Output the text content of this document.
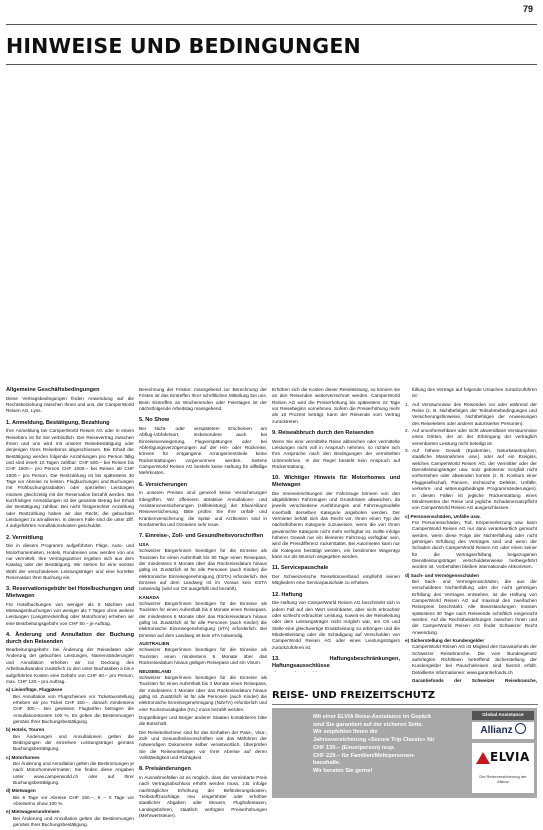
79
HINWEISE UND BEDINGUNGEN
Allgemeine Geschäftsbedingungen

Diese Vertragsbedingungen finden Anwendung auf die Rechtsbeziehung zwischen Ihnen und uns, der CamperWorld Reisen AG, Lyss.

1. Anmeldung, Bestätigung, Bezahlung

Ihre Anmeldung bei CamperWorld Reisen AG oder in einem Reisebüro ist für Sie verbindlich. Der Reisevertrag zwischen Ihnen und uns wird mit unserer Reisebestätigung oder derjenigen Ihres Reisebüros abgeschlossen. Bei Erhalt der Bestätigung werden folgende Anzahlungen pro Person fällig und sind innert 10 Tagen zahlbar: CHF 500.– bei Reisen bis CHF 1500.– pro Person CHF 1000.– bei Reisen ab CHF 1500.– pro Person. Die Restzahlung ist bis spätestens 30 Tage vor Abreise zu leisten. Flugbuchungen und Buchungen mit Frühbuchungsrabatten oder speziellen Leistungen müssen gleichzeitig mit der Reservation bezahlt werden. Bei kurzfristigen Anmeldungen ist der gesamte Betrag bei Erhalt der Bestätigung zahlbar. Bei nicht fristgerechter Anzahlung oder Restzahlung haben wir das Recht, die gebuchten Leistungen zu annullieren. In diesem Falle sind die unter Ziff. 4 aufgeführten Annullationskosten geschuldet.

2. Vermittlung

Die in diesem Programm aufgeführten Flüge, Auto- und Motorhomemieten, Hotels, Rundreisen usw. werden von uns nur vermittelt. Ihre Vertragspartner ergeben sich aus dem Katalog oder der Bestätigung. Wir stehen für eine seriöse Wahl der verschiedenen Leistungsträger und eine korrekte Reservation Ihrer Buchung ein.

3. Reservationsgebühr bei Hotelbuchungen und Mietwagen

Für Hotelbuchungen von weniger als 5 Nächten und Mietwagenbuchungen von weniger als 7 Tagen ohne weitere Leistungen (Langstreckenflug oder Motorhome) erheben wir eine Bearbeitungsgebühr von CHF 50.– je Auftrag.

4. Änderung und Annullation der Buchung durch den Reisenden

Bearbeitungsgebühr: bei Änderung der Reisedaten oder Änderung der gebuchten Leistungen, Namensänderungen und Annullation erheben wir zur Deckung des Arbeitsaufwandes zusätzlich zu den unter Buchstaben a bis e aufgeführten Kosten eine Gebühr von CHF 60.– pro Person, max. CHF 120.– pro Auftrag.

a) Linienflüge, Flugpässe

Bei Annullation von Flugscheinen vor Ticketausstellung erheben wir pro Ticket CHF 150.–, danach mindestens CHF 300.–. Bei gewissen Flugtarifen betragen die Annullationskosten 100 %. Es gelten die Bestimmungen gemäss Ihrer Buchungsbestätigung.

b) Hotels, Touren

Bei Änderungen und Annullationen gelten die Bedingungen der einzelnen Leistungsträger gemäss Buchungsbestätigung.

c) Motorhomes

Bei Änderung und Annullation gelten die Bestimmungen je nach Motorhomevermieter; Sie finden diese Angaben unter www.camperworld.ch oder auf Ihrer Buchungsbestätigung.

d) Mietwagen

Bis 6 Tage vor Abreise CHF 150.–, 5 – 0 Tage vor Abreise/no show 100 %.

e) Mietwagenrundreisen

Bei Änderung und Annullation gelten die Bestimmungen gemäss Ihrer Buchungsbestätigung.

Berechnung der Fristen: massgebend zur Berechnung der Fristen ist das Eintreffen Ihrer schriftlichen Mitteilung bei uns. Beim Eintreffen an Wochenenden oder Feiertagen ist der nächstfolgende Arbeitstag massgebend.

5. No Show

Bei Nicht- oder verspätetem Erscheinen am Abflug-/Abfahrtsort, insbesondere auch bei Einreiseverweigerung, Flugverspätungen oder bei Abfertigungsverzögerungen auf der Hin- oder Rückreise, können für entgangene Arrangementsteile keine Rückerstattungen vorgenommen werden. Seitens CamperWorld Reisen AG besteht keine Haftung für allfällige Mehrkosten.

6. Versicherungen

In unseren Preisen sind generell keine Versicherungen inbegriffen. Wir offerieren attraktive Annullations- und Assistanceversicherungen (Hilfeleistung) der Elvia/Allianz Reiseversicherung. Bitte prüfen Sie Ihre Unfall- und Krankenversicherung; die Spital- und Arztkosten sind in Nordamerika und Ozeanien sehr teuer.

7. Einreise-, Zoll- und Gesundheitsvorschriften
USA

Schweizer Bürger/innen benötigen für die Einreise als Touristen für einen Aufenthalt bis 90 Tage einen Reisepass, der mindestens 6 Monate über das Rückreisedatum hinaus gültig ist. Zusätzlich ist für alle Personen (auch Kinder) die elektronische Einreisegenehmigung (ESTA) erforderlich. Bei Einreise auf dem Landweg ist im Voraus kein ESTA notwendig (wird vor Ort ausgefüllt und bezahlt).

KANADA

Schweizer Bürger/innen benötigen für die Einreise als Touristen für einen Aufenthalt bis 6 Monate einen Reisepass, der mindestens 6 Monate über das Rückreisedatum hinaus gültig ist. Zusätzlich ist für alle Personen (auch Kinder) die elektronische Einreisegenehmigung (eTA) erforderlich. Bei Einreise auf dem Landweg ist kein eTA notwendig.

AUSTRALIEN

Schweizer Bürger/innen benötigen für die Einreise als Touristen einen mindestens 6 Monate über das Rückreisedatum hinaus gültigen Reisepass und ein Visum.

NEUSEELAND

Schweizer Bürger/innen benötigen für die Einreise als Touristen für einen Aufenthalt bis 3 Monate einen Reisepass, der mindestens 3 Monate über das Rückreisedatum hinaus gültig ist. Zusätzlich ist für alle Personen (auch Kinder) die elektronische Einreisegenehmigung (NZeTA) erforderlich und eine Tourismusabgabe (IVL) muss bezahlt werden.

Doppelbürger und Bürger anderer Staaten kontaktieren bitte die Botschaft.

Die Reiseteilnehmer sind für das Einhalten der Pass-, Visa-, Zoll- und Gesundheitsvorschriften wie das Mitführen der notwendigen Dokumente selber verantwortlich. Überprüfen Sie die Reiseunterlagen vor Ihrer Abreise auf deren Vollständigkeit und Richtigkeit.

8. Preisänderungen

In Ausnahmefällen ist es möglich, dass der vereinbarte Preis nach Vertragsabschluss erhöht werden muss, z.B. infolge nachträglicher Erhöhung der Beförderungskosten, Treibstoffzuschläge, neu eingeführter oder erhöhter staatlicher Abgaben oder Steuern, Flughafentaxen, Landegebühren, staatlich verfügten Preiserhöhungen (Mehrwertsteuer).

Erhöhen sich die Kosten dieser Reiseleistung, so können sie an den Reisenden weiterverrechnet werden. CamperWorld Reisen AG wird die Preiserhöhung bis spätestens 22 Tage vor Reisebeginn vornehmen. Sofern die Preiserhöhung mehr als 10 Prozent beträgt, kann der Reisende vom Vertrag zurücktreten.

9. Reiseabbruch durch den Reisenden

Wenn Sie eine vermittelte Reise abbrechen oder vermittelte Leistungen nicht voll in Anspruch nehmen, so richten sich Ihre Ansprüche nach den Bedingungen der vermittelten Unternehmen. In der Regel besteht kein Anspruch auf Rückerstattung.

10. Wichtiger Hinweis für Motorhomes und Mietwagen

Die Inneneinrichtungen der Fahrzeuge können von den abgebildeten Fahrzeugen und Grundrissen abweichen, da jeweils verschiedene Ausführungen und Fahrzeugmodelle innerhalb derselben Kategorie angeboten werden. Der Vermieter behält sich das Recht vor, Ihnen einen Typ der nächsthöheren Kategorie zuzuweisen, wenn die von Ihnen gewünschte Kategorie nicht mehr verfügbar ist. Sollte infolge höherer Gewalt nur ein kleineres Fahrzeug verfügbar sein, wird die Preisdifferenz rückerstattet. Bei Automieten kann nur die Kategorie bestätigt werden, ein bestimmter Wagentyp kann nur als Wunsch angegeben werden.

11. Servicepauschale

Der Schweizerische Reisebüroverband empfiehlt seinen Mitgliedern eine Servicepauschale zu erheben.

12. Haftung

Die Haftung von CamperWorld Reisen AG beschränkt sich in jedem Fall auf den Wert vereinbarter, aber nicht erbrachter oder schlecht erbrachter Leistung, soweit es der Reiseleitung oder dem Leistungsträger nicht möglich war, am Ort und Stelle eine gleichwertige Ersatzleistung zu erbringen und die Mindestleistung oder die Schädigung auf Verschulden von CamperWorld Reisen AG oder eines Leistungsträgers zurückzuführen ist.

13. Haftungsbeschränkungen, Haftungsausschlüsse

füllung des Vertrags auf folgende Ursachen zurückzuführen ist:

1. Auf Versäumnisse des Reisenden vor oder während der Reise (z. B. Nichtbefolgen der Teilnahmebedingungen und Versicherungshinweise, Nichtbefolgen der Anweisungen des Reiseleiters oder anderer autorisierter Personen).
2. Auf unvorhersehbare oder nicht abwendbare Versäumnisse eines Dritten, der an der Erbringung der vertraglich vereinbarten Leistung nicht beteiligt ist.
3. Auf höhere Gewalt (Epidemien, Naturkatastrophen, staatliche Massnahmen usw.) oder auf ein Ereignis, welches CamperWorld Reisen AG, der Vermittler oder der Dienstleistungsträger usw. trotz gebotener Sorgfalt nicht vorhersehen oder abwenden konnte (z. B. Konkurs einer Fluggesellschaft, Pannen, technische Defekte, Unfälle, verkehrs- und witterungsbedingte Programmänderungen). In diesen Fällen ist jegliche Rückerstattung eines Minderwertes der Reise und jegliche Schadenersatzpflicht von CamperWorld Reisen AG ausgeschlossen.
c) Personenschäden, Unfälle usw.

Für Personenschäden, Tod, Körperverletzung usw. kann CamperWorld Reisen AG nur dann verantwortlich gemacht werden, wenn diese Folge der Nichterfüllung oder nicht gehörigen Erfüllung des Vertrages sind und wenn der Schaden durch CamperWorld Reisen AG oder einen seiner für die Vertragserfüllung beigezogenen Dienstleistungsträger verschuldeterweise herbeigeführt worden ist. Vorbehalten bleiben internationale Abkommen.

d) Sach- und Vermögensschäden

Bei Sach- und Vermögensschäden, die aus der verschuldeten Nichterfüllung oder der nicht gehörigen Erfüllung des Vertrages entstehen, ist die Haftung von CamperWorld Reisen AG auf maximal den zweifachen Reisepreis beschränkt. Alle Beanstandungen müssen spätestens 30 Tage nach Reiseende schriftlich eingereicht werden. Auf die Rechtsbeistehungen zwischen Ihnen und der CamperWorld Reisen AG findet Schweizer Recht Anwendung.

e) Sicherstellung der Kundengelder

CamperWorld Reisen AG ist Mitglied des Garantiefonds der Schweizer Reisebranche. Die vom Bundesgesetz auferlegten Richtlinien betreffend Sicherstellung der Kundengelder bei Pauschalreisen sind hiermit erfüllt. Detaillierte Informationen: www.garantiefonds.ch

Garantiefonds der Schweizer Reisebranche,

REISE- UND FREIZEITSCHUTZ
Mit einer ELVIA Reise-Assistance im Gepäck
sind Sie garantiert auf der sicheren Seite.
Wir empfehlen Ihnen die
Jahresversicherung «Secure Trip Classic» für
CHF 139.– (Einzelperson) resp.
CHF 229.– für Familien/Mehrpersonen-
haushalte.
Wir beraten Sie gerne!
Global Assistance
Allianz
ELVIA
Die Reiseversicherung der Allianz
